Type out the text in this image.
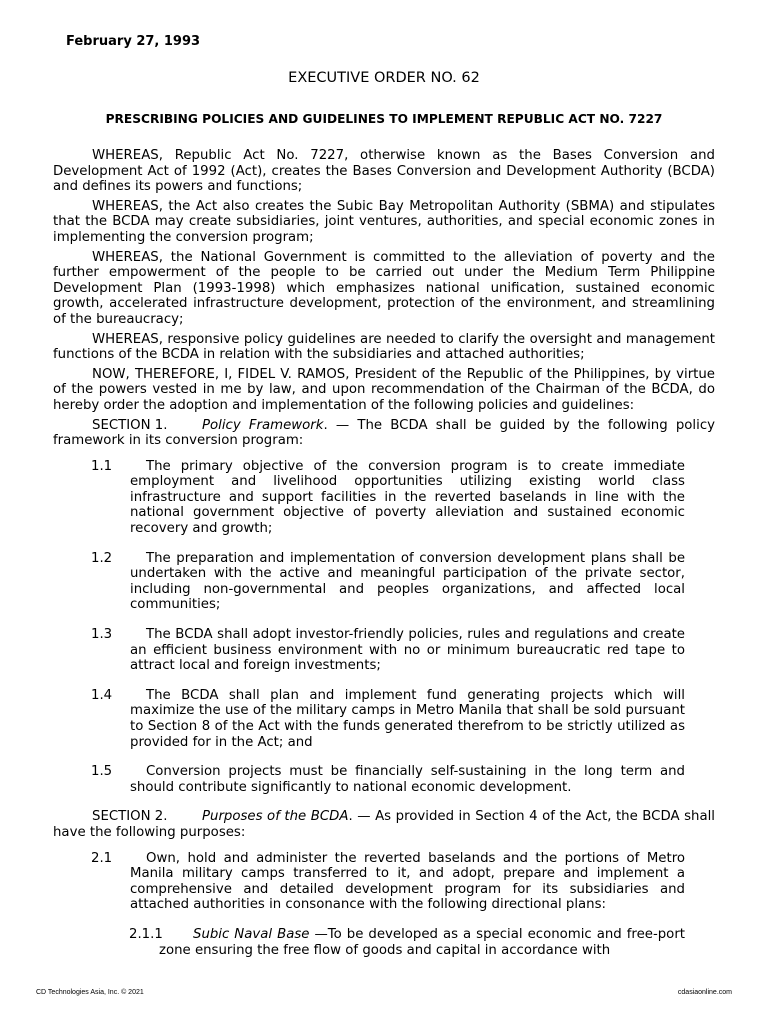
February 27, 1993
EXECUTIVE ORDER NO. 62
PRESCRIBING POLICIES AND GUIDELINES TO IMPLEMENT REPUBLIC ACT NO. 7227

WHEREAS, Republic Act No. 7227, otherwise known as the Bases Conversion and Development Act of 1992 (Act), creates the Bases Conversion and Development Authority (BCDA) and defines its powers and functions;

WHEREAS, the Act also creates the Subic Bay Metropolitan Authority (SBMA) and stipulates that the BCDA may create subsidiaries, joint ventures, authorities, and special economic zones in implementing the conversion program;

WHEREAS, the National Government is committed to the alleviation of poverty and the further empowerment of the people to be carried out under the Medium Term Philippine Development Plan (1993-1998) which emphasizes national unification, sustained economic growth, accelerated infrastructure development, protection of the environment, and streamlining of the bureaucracy;

WHEREAS, responsive policy guidelines are needed to clarify the oversight and management functions of the BCDA in relation with the subsidiaries and attached authorities;

NOW, THEREFORE, I, FIDEL V. RAMOS, President of the Republic of the Philippines, by virtue of the powers vested in me by law, and upon recommendation of the Chairman of the BCDA, do hereby order the adoption and implementation of the following policies and guidelines:

SECTION 1.	Policy Framework. — The BCDA shall be guided by the following policy framework in its conversion program:

1.1	The primary objective of the conversion program is to create immediate employment and livelihood opportunities utilizing existing world class infrastructure and support facilities in the reverted baselands in line with the national government objective of poverty alleviation and sustained economic recovery and growth;
1.2	The preparation and implementation of conversion development plans shall be undertaken with the active and meaningful participation of the private sector, including non-governmental and peoples organizations, and affected local communities;
1.3	The BCDA shall adopt investor-friendly policies, rules and regulations and create an efficient business environment with no or minimum bureaucratic red tape to attract local and foreign investments;
1.4	The BCDA shall plan and implement fund generating projects which will maximize the use of the military camps in Metro Manila that shall be sold pursuant to Section 8 of the Act with the funds generated therefrom to be strictly utilized as provided for in the Act; and
1.5	Conversion projects must be financially self-sustaining in the long term and should contribute significantly to national economic development.

SECTION 2.	Purposes of the BCDA. — As provided in Section 4 of the Act, the BCDA shall have the following purposes:

2.1	Own, hold and administer the reverted baselands and the portions of Metro Manila military camps transferred to it, and adopt, prepare and implement a comprehensive and detailed development program for its subsidiaries and attached authorities in consonance with the following directional plans:
2.1.1 Subic Naval Base —To be developed as a special economic and free-port zone ensuring the free flow of goods and capital in accordance with
CD Technologies Asia, Inc. © 2021	cdasiaonline.com
